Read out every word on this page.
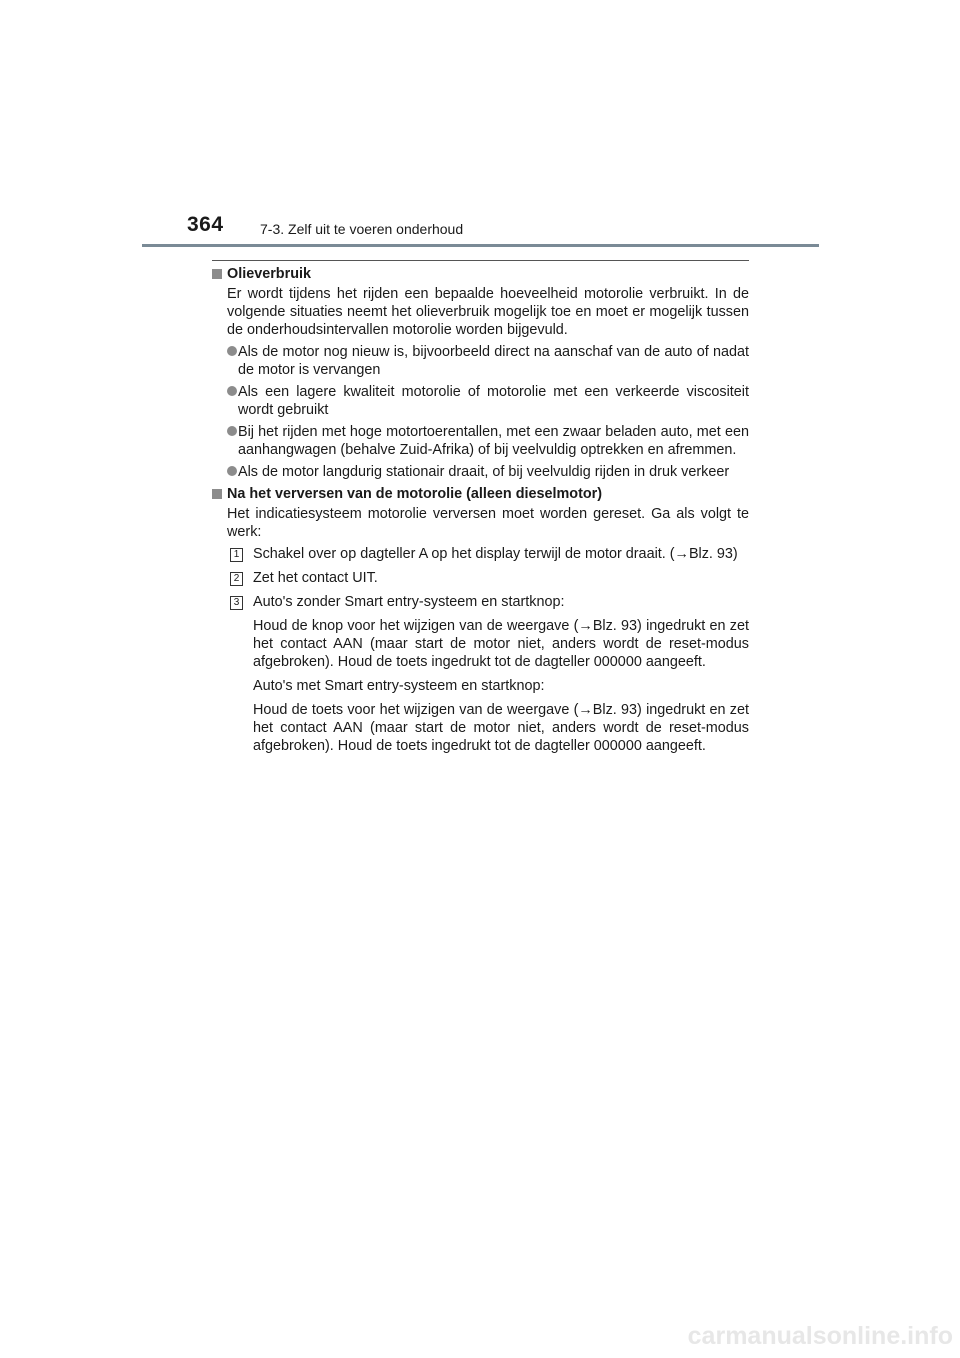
364	7-3. Zelf uit te voeren onderhoud

Olieverbruik

Er wordt tijdens het rijden een bepaalde hoeveelheid motorolie verbruikt. In de volgende situaties neemt het olieverbruik mogelijk toe en moet er mogelijk tussen de onderhoudsintervallen motorolie worden bijgevuld.

Als de motor nog nieuw is, bijvoorbeeld direct na aanschaf van de auto of nadat de motor is vervangen

Als een lagere kwaliteit motorolie of motorolie met een verkeerde viscositeit wordt gebruikt

Bij het rijden met hoge motortoerentallen, met een zwaar beladen auto, met een aanhangwagen (behalve Zuid-Afrika) of bij veelvuldig optrekken en afremmen.

Als de motor langdurig stationair draait, of bij veelvuldig rijden in druk verkeer

Na het verversen van de motorolie (alleen dieselmotor)

Het indicatiesysteem motorolie verversen moet worden gereset. Ga als volgt te werk:

1 Schakel over op dagteller A op het display terwijl de motor draait. (→Blz. 93)

2 Zet het contact UIT.

3 Auto's zonder Smart entry-systeem en startknop:

Houd de knop voor het wijzigen van de weergave (→Blz. 93) ingedrukt en zet het contact AAN (maar start de motor niet, anders wordt de reset-modus afgebroken). Houd de toets ingedrukt tot de dagteller 000000 aangeeft.

Auto's met Smart entry-systeem en startknop:

Houd de toets voor het wijzigen van de weergave (→Blz. 93) ingedrukt en zet het contact AAN (maar start de motor niet, anders wordt de reset-modus afgebroken). Houd de toets ingedrukt tot de dagteller 000000 aangeeft.

carmanualsonline.info
